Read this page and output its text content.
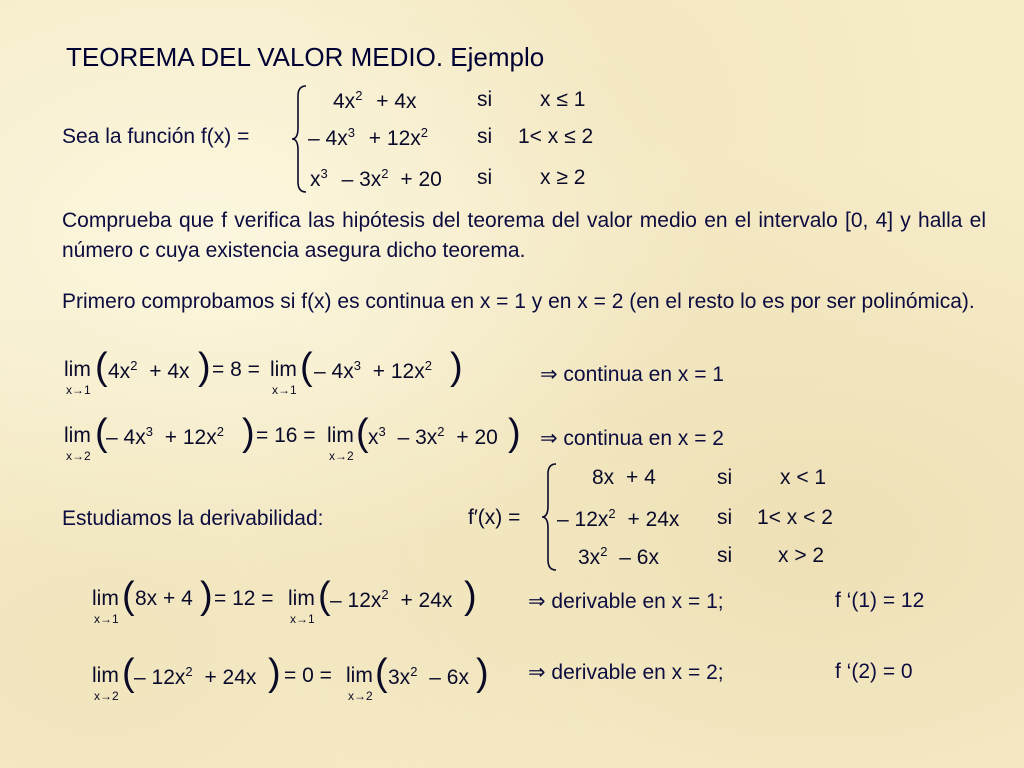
TEOREMA DEL VALOR MEDIO. Ejemplo
Sea la función f(x) =
$4x^2 + 4x$	si x ≤ 1
– $4x^3 + 12x^2$ si 1< x ≤ 2
$x^3 - 3x^2 + 20$ si x ≥ 2
Comprueba que f verifica las hipótesis del teorema del valor medio en el intervalo [0, 4] y halla el número c cuya existencia asegura dicho teorema.
Primero comprobamos si f(x) es continua en x = 1 y en x = 2 (en el resto lo es por ser polinómica).
lim
x→1
( $4x^2 + 4x$ ) = 8 = lim
x→1
( – $4x^3 + 12x^2$ )	⇒ continua en x = 1
lim
x→2
(
– $4x^3 + 12x^2$ ) = 16 = lim
x→2
( $x^3 - 3x^2 + 20$ ) ⇒ continua en x = 2
Estudiamos la derivabilidad:	f′(x) =
8x + 4	si x < 1
– $12x^2 + 24x$ si 1< x < 2
$3x^2 - 6x$	si x > 2
lim
x→1
( 8x + 4 ) = 12 = lim
x→1
( – $12x^2 + 24x$ ) ⇒ derivable en x = 1;	f ‘(1) = 12
lim
x→2
( – $12x^2 + 24x$ ) = 0 = lim
x→2
( $3x^2 - 6x$ ) ⇒ derivable en x = 2;	f ‘(2) = 0
